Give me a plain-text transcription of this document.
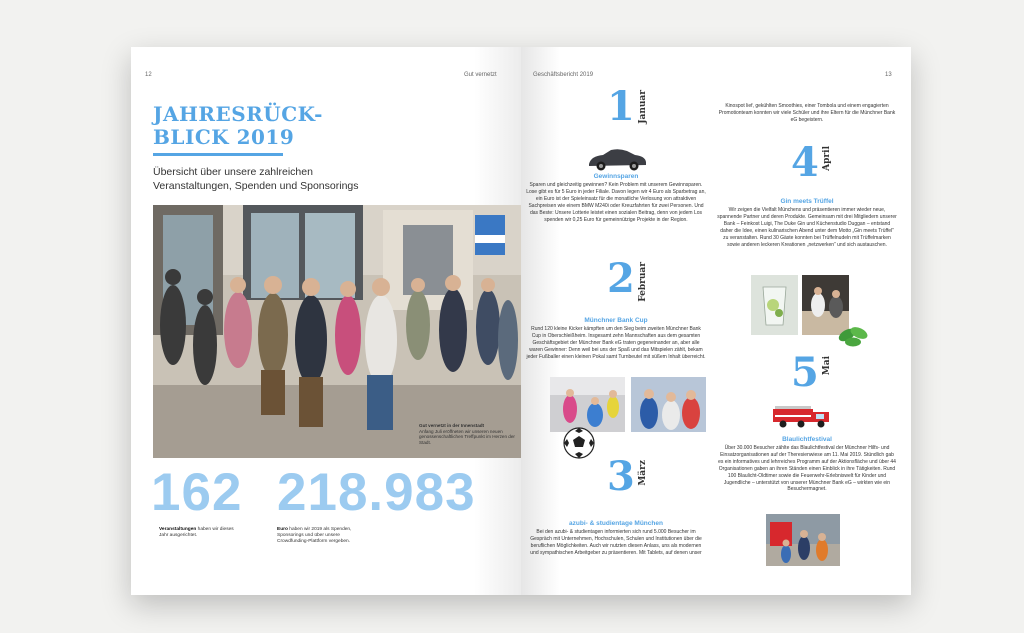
12	Gut vernetzt
JAHRESRÜCK-
BLICK 2019
Übersicht über unsere zahlreichen Veranstaltungen, Spenden und Sponsorings
Gut vernetzt in der Innenstadt
Anfang Juli eröffneten wir unseren neuen genossenschaftlichen Treffpunkt im Herzen der Stadt.
162
Veranstaltungen haben wir dieses Jahr ausgerichtet.
218.983
Euro haben wir 2019 als Spenden, Sponsorings und über unsere Crowdfunding-Plattform vergeben.
Geschäftsbericht 2019	13
1 Januar
Gewinnsparen
Sparen und gleichzeitig gewinnen? Kein Problem mit unserem Gewinnsparen. Lose gibt es für 5 Euro in jeder Filiale. Davon legen wir 4 Euro als Sparbetrag an, ein Euro ist der Spieleinsatz für die monatliche Verlosung von attraktiven Sachpreisen wie einem BMW M240i oder Kreuzfahrten für zwei Personen. Und das Beste: Unsere Lotterie leistet einen sozialen Beitrag, denn von jedem Los spenden wir 0,25 Euro für gemeinnützige Projekte in der Region.
2 Februar
Münchner Bank Cup
Rund 120 kleine Kicker kämpften um den Sieg beim zweiten Münchner Bank Cup in Oberschleißheim. Insgesamt zehn Mannschaften aus dem gesamten Geschäftsgebiet der Münchner Bank eG traten gegeneinander an, aber alle waren Gewinner: Denn weil bei uns der Spaß und das Mitspielen zählt, bekam jeder Fußballer einen kleinen Pokal samt Turnbeutel mit süßem Inhalt überreicht.
3 März
azubi- & studientage München
Bei den azubi- & studientagen informierten sich rund 5.000 Besucher im Gespräch mit Unternehmen, Hochschulen, Schulen und Institutionen über die beruflichen Möglichkeiten. Auch wir nutzten diesen Anlass, uns als modernen und sympathischen Arbeitgeber zu präsentieren. Mit Tablets, auf denen unser
Kinospot lief, gekühlten Smoothies, einer Tombola und einem engagierten Promotionteam konnten wir viele Schüler und ihre Eltern für die Münchner Bank eG begeistern.
4 April
Gin meets Trüffel
Wir zeigen die Vielfalt Münchens und präsentieren immer wieder neue, spannende Partner und deren Produkte. Gemeinsam mit drei Mitgliedern unserer Bank – Feinkost Luigi, The Duke Gin und Küchenstudio Duggan – entstand daher die Idee, einen kulinarischen Abend unter dem Motto „Gin meets Trüffel“ zu veranstalten. Rund 30 Gäste konnten bei Trüffelnudeln mit Trüffelmarken sowie anderen leckeren Kreationen „netzwerken“ und sich austauschen.
5 Mai
Blaulichtfestival
Über 30.000 Besucher zählte das Blaulichtfestival der Münchner Hilfs- und Einsatzorganisationen auf der Theresienwiese am 11. Mai 2019. Stündlich gab es ein informatives und lehrreiches Programm auf der Aktionsfläche und über 44 Organisationen gaben an ihren Ständen einen Einblick in ihre Tätigkeiten. Rund 100 Blaulicht-Oldtimer sowie die Feuerwehr-Erlebniswelt für Kinder und Jugendliche – unterstützt von unserer Münchner Bank eG – wirkten wie ein Besuchermagnet.
